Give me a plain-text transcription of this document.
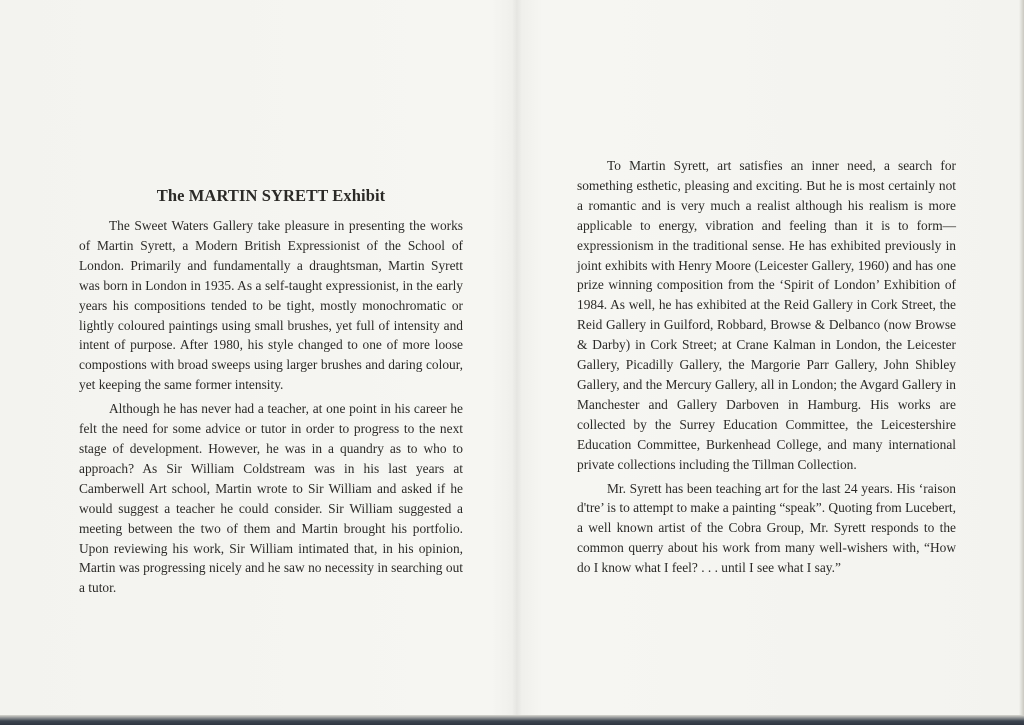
The MARTIN SYRETT Exhibit

The Sweet Waters Gallery take pleasure in presenting the works of Martin Syrett, a Modern British Expressionist of the School of London. Primarily and fundamentally a draughtsman, Martin Syrett was born in London in 1935. As a self-taught expressionist, in the early years his compositions tended to be tight, mostly monochromatic or lightly coloured paintings using small brushes, yet full of intensity and intent of purpose. After 1980, his style changed to one of more loose compostions with broad sweeps using larger brushes and daring colour, yet keeping the same former intensity.

Although he has never had a teacher, at one point in his career he felt the need for some advice or tutor in order to progress to the next stage of development. However, he was in a quandry as to who to approach? As Sir William Coldstream was in his last years at Camberwell Art school, Martin wrote to Sir William and asked if he would suggest a teacher he could consider. Sir William suggested a meeting between the two of them and Martin brought his portfolio. Upon reviewing his work, Sir William intimated that, in his opinion, Martin was progressing nicely and he saw no necessity in searching out a tutor.

To Martin Syrett, art satisfies an inner need, a search for something esthetic, pleasing and exciting. But he is most certainly not a romantic and is very much a realist although his realism is more applicable to energy, vibration and feeling than it is to form—expressionism in the traditional sense. He has exhibited previously in joint exhibits with Henry Moore (Leicester Gallery, 1960) and has one prize winning composition from the ‘Spirit of London’ Exhibition of 1984. As well, he has exhibited at the Reid Gallery in Cork Street, the Reid Gallery in Guilford, Robbard, Browse & Delbanco (now Browse & Darby) in Cork Street; at Crane Kalman in London, the Leicester Gallery, Picadilly Gallery, the Margorie Parr Gallery, John Shibley Gallery, and the Mercury Gallery, all in London; the Avgard Gallery in Manchester and Gallery Darboven in Hamburg. His works are collected by the Surrey Education Committee, the Leicestershire Education Committee, Burkenhead College, and many international private collections including the Tillman Collection.

Mr. Syrett has been teaching art for the last 24 years. His ‘raison d'tre’ is to attempt to make a painting “speak”. Quoting from Lucebert, a well known artist of the Cobra Group, Mr. Syrett responds to the common querry about his work from many well-wishers with, “How do I know what I feel? . . . until I see what I say.”
